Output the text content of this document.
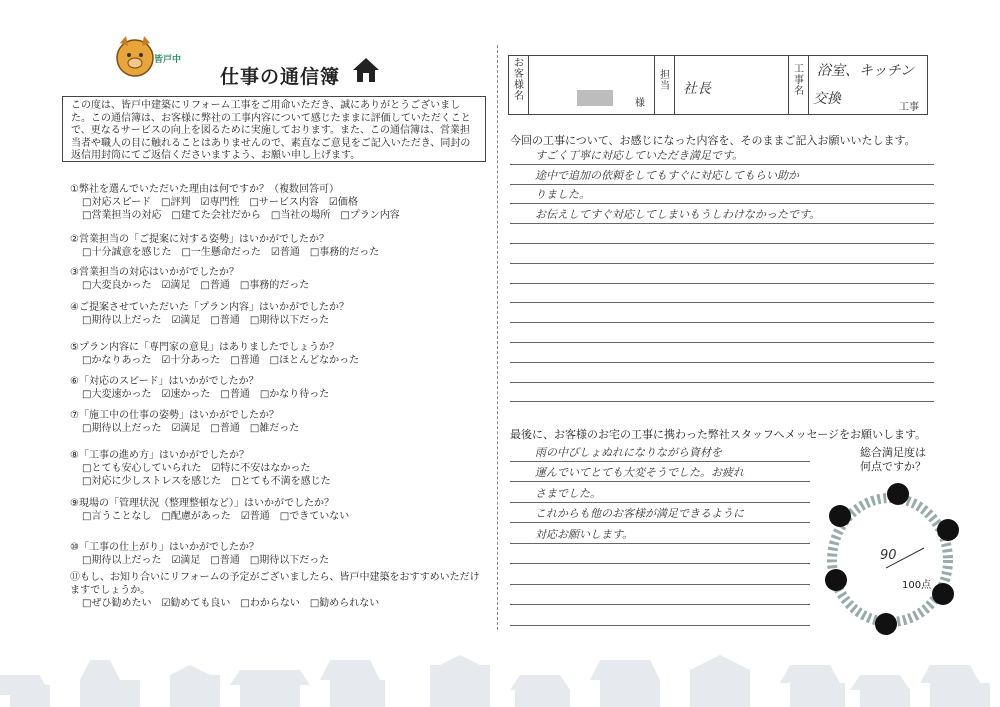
皆戸中
仕事の通信簿
この度は、皆戸中建築にリフォーム工事をご用命いただき、誠にありがとうございました。この通信簿は、お客様に弊社の工事内容について感じたままに評価していただくことで、更なるサービスの向上を図るために実施しております。また、この通信簿は、営業担当者や職人の目に触れることはありませんので、素直なご意見をご記入いただき、同封の返信用封筒にてご返信くださいますよう、お願い申し上げます。
①弊社を選んでいただいた理由は何ですか？（複数回答可）
□対応スピード　□評判　☑専門性　□サービス内容　☑価格
□営業担当の対応　□建てた会社だから　□当社の場所　□プラン内容
②営業担当の「ご提案に対する姿勢」はいかがでしたか？
□十分誠意を感じた　□一生懸命だった　☑普通　□事務的だった
③営業担当の対応はいかがでしたか？
□大変良かった　☑満足　□普通　□事務的だった
④ご提案させていただいた「プラン内容」はいかがでしたか？
□期待以上だった　☑満足　□普通　□期待以下だった
⑤プラン内容に「専門家の意見」はありましたでしょうか？
□かなりあった　☑十分あった　□普通　□ほとんどなかった
⑥「対応のスピード」はいかがでしたか？
□大変速かった　☑速かった　□普通　□かなり待った
⑦「施工中の仕事の姿勢」はいかがでしたか？
□期待以上だった　☑満足　□普通　□雑だった
⑧「工事の進め方」はいかがでしたか？
□とても安心していられた　☑特に不安はなかった
□対応に少しストレスを感じた　□とても不満を感じた
⑨現場の「管理状況（整理整頓など）」はいかがでしたか？
□言うことなし　□配慮があった　☑普通　□できていない
⑩「工事の仕上がり」はいかがでしたか？
□期待以上だった　☑満足　□普通　□期待以下だった
⑪もし、お知り合いにリフォームの予定がございましたら、皆戸中建築をおすすめいただけますでしょうか。
□ぜひ勧めたい　☑勧めても良い　□わからない　□勧められない
お
客
様
名
様
担
当 社長
工
事
名
浴室、キッチン
交換
工事
今回の工事について、お感じになった内容を、そのままご記入お願いいたします。
すごく丁寧に対応していただき満足です。
途中で追加の依頼をしてもすぐに対応してもらい助か
りました。
お伝えしてすぐ対応してしまいもうしわけなかったです。
最後に、お客様のお宅の工事に携わった弊社スタッフへメッセージをお願いします。
雨の中びしょぬれになりながら資材を
運んでいてとても大変そうでした。お疲れ
さまでした。
これからも他のお客様が満足できるように
対応お願いします。
総合満足度は
何点ですか？
90
100点
